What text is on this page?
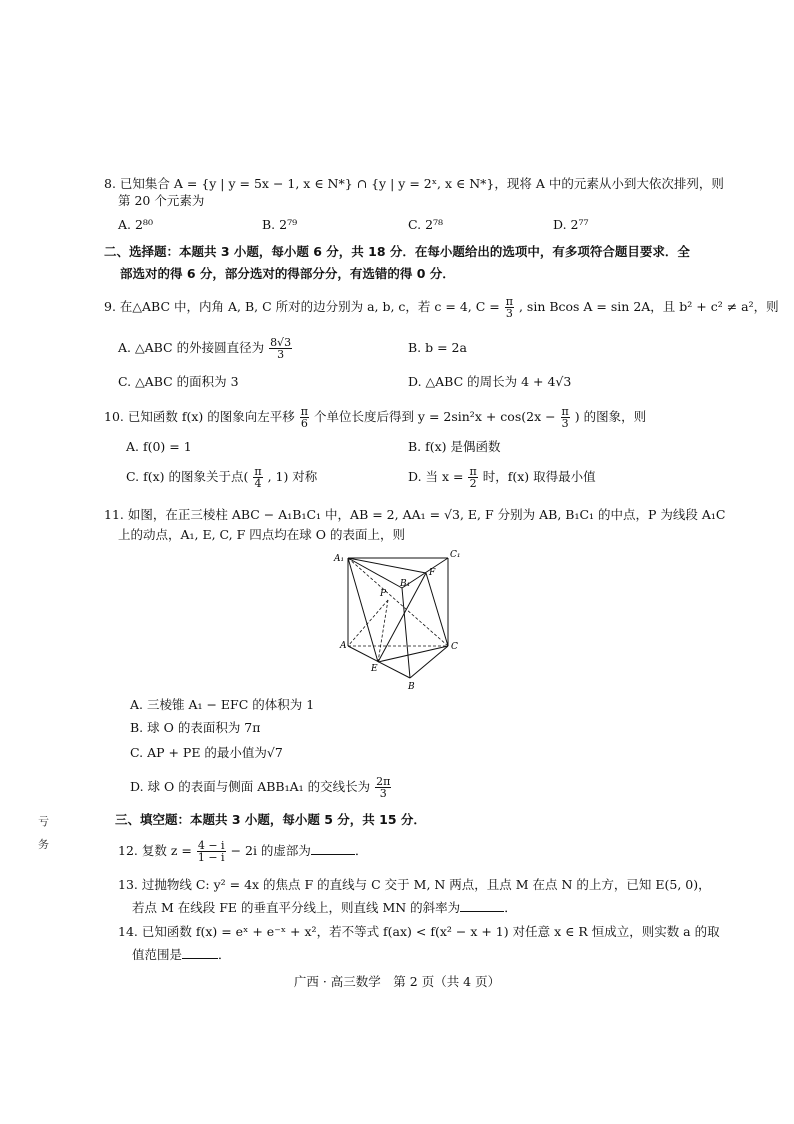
8. 已知集合 A = {y | y = 5x − 1, x ∈ N*} ∩ {y | y = 2ˣ, x ∈ N*}，现将 A 中的元素从小到大依次排列，则
第 20 个元素为
A. 2⁸⁰	B. 2⁷⁹	C. 2⁷⁸	D. 2⁷⁷
二、选择题：本题共 3 小题，每小题 6 分，共 18 分．在每小题给出的选项中，有多项符合题目要求．全
部选对的得 6 分，部分选对的得部分分，有选错的得 0 分．
9. 在△ABC 中，内角 A, B, C 所对的边分别为 a, b, c，若 c = 4, $C = \frac{\pi}{3}$ , sin Bcos A = sin 2A，且 b² + c² ≠ a²，则
A. △ABC 的外接圆直径为 $\frac{8√3}{3}$	B. b = 2a
C. △ABC 的面积为 3	D. △ABC 的周长为 4 + 4√3
10. 已知函数 f(x) 的图象向左平移 $\frac{\pi}{6}$ 个单位长度后得到 $y = 2\sin^2x + \cos(2x - \frac{\pi}{3}$ ) 的图象，则
A. f(0) = 1	B. f(x) 是偶函数
C. f(x) 的图象关于点( $\frac{\pi}{4}$ , 1) 对称	D. 当 $x = \frac{\pi}{2}$ 时，f(x) 取得最小值
11. 如图，在正三棱柱 ABC − A₁B₁C₁ 中，AB = 2, AA₁ = √3, E, F 分别为 AB, B₁C₁ 的中点，P 为线段 A₁C
上的动点，A₁, E, C, F 四点均在球 O 的表面上，则
A₁	C₁
B₁
F
P
A	C
E
B
A. 三棱锥 A₁ − EFC 的体积为 1
B. 球 O 的表面积为 7π
C. AP + PE 的最小值为√7
D. 球 O 的表面与侧面 ABB₁A₁ 的交线长为 $\frac{2\pi}{3}$
亏
务
三、填空题：本题共 3 小题，每小题 5 分，共 15 分．
12. 复数 $z = \frac{4 - i}{1 - i} - 2i$ 的虚部为	．
13. 过抛物线 C: y² = 4x 的焦点 F 的直线与 C 交于 M, N 两点，且点 M 在点 N 的上方，已知 E(5, 0)，
若点 M 在线段 FE 的垂直平分线上，则直线 MN 的斜率为	．
14. 已知函数 f(x) = eˣ + e⁻ˣ + x²，若不等式 f(ax) < f(x² − x + 1) 对任意 x ∈ R 恒成立，则实数 a 的取
值范围是	．
广西 · 高三数学　第 2 页（共 4 页）
